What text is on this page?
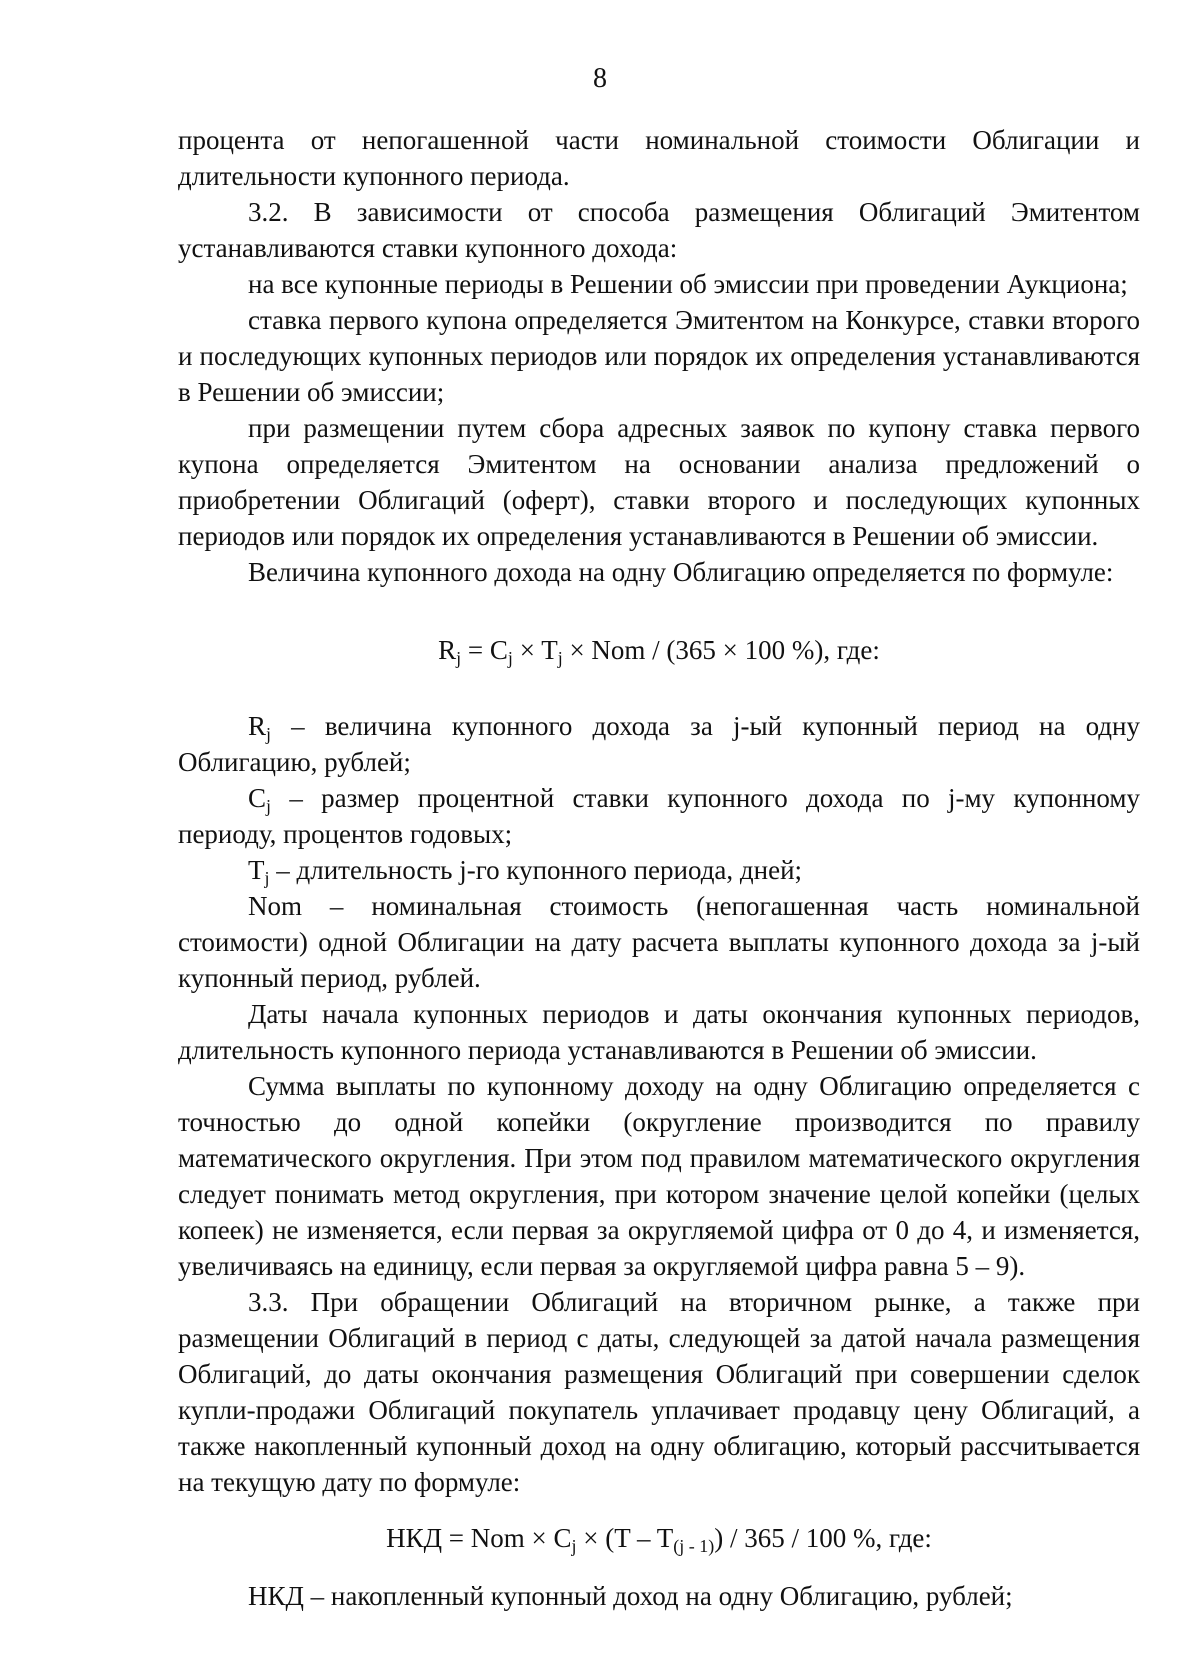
8

процента от непогашенной части номинальной стоимости Облигации и длительности купонного периода.

3.2. В зависимости от способа размещения Облигаций Эмитентом устанавливаются ставки купонного дохода:

на все купонные периоды в Решении об эмиссии при проведении Аукциона;

ставка первого купона определяется Эмитентом на Конкурсе, ставки второго и последующих купонных периодов или порядок их определения устанавливаются в Решении об эмиссии;

при размещении путем сбора адресных заявок по купону ставка первого купона определяется Эмитентом на основании анализа предложений о приобретении Облигаций (оферт), ставки второго и последующих купонных периодов или порядок их определения устанавливаются в Решении об эмиссии.

Величина купонного дохода на одну Облигацию определяется по формуле:

$R_j = C_j \times T_j$ × Nom / (365 × 100 %), где:

$R_j$ – величина купонного дохода за j-ый купонный период на одну Облигацию, рублей;

$C_j$ – размер процентной ставки купонного дохода по j-му купонному периоду, процентов годовых;

$T_j$ – длительность j-го купонного периода, дней;

Nom – номинальная стоимость (непогашенная часть номинальной стоимости) одной Облигации на дату расчета выплаты купонного дохода за j-ый купонный период, рублей.

Даты начала купонных периодов и даты окончания купонных периодов, длительность купонного периода устанавливаются в Решении об эмиссии.

Сумма выплаты по купонному доходу на одну Облигацию определяется с точностью до одной копейки (округление производится по правилу математического округления. При этом под правилом математического округления следует понимать метод округления, при котором значение целой копейки (целых копеек) не изменяется, если первая за округляемой цифра от 0 до 4, и изменяется, увеличиваясь на единицу, если первая за округляемой цифра равна 5 – 9).

3.3. При обращении Облигаций на вторичном рынке, а также при размещении Облигаций в период с даты, следующей за датой начала размещения Облигаций, до даты окончания размещения Облигаций при совершении сделок купли-продажи Облигаций покупатель уплачивает продавцу цену Облигаций, а также накопленный купонный доход на одну облигацию, который рассчитывается на текущую дату по формуле:

НКД = Nom × $C_j \times (T - T_{(j - 1)}) / 365 / 100$ %, где:

НКД – накопленный купонный доход на одну Облигацию, рублей;
